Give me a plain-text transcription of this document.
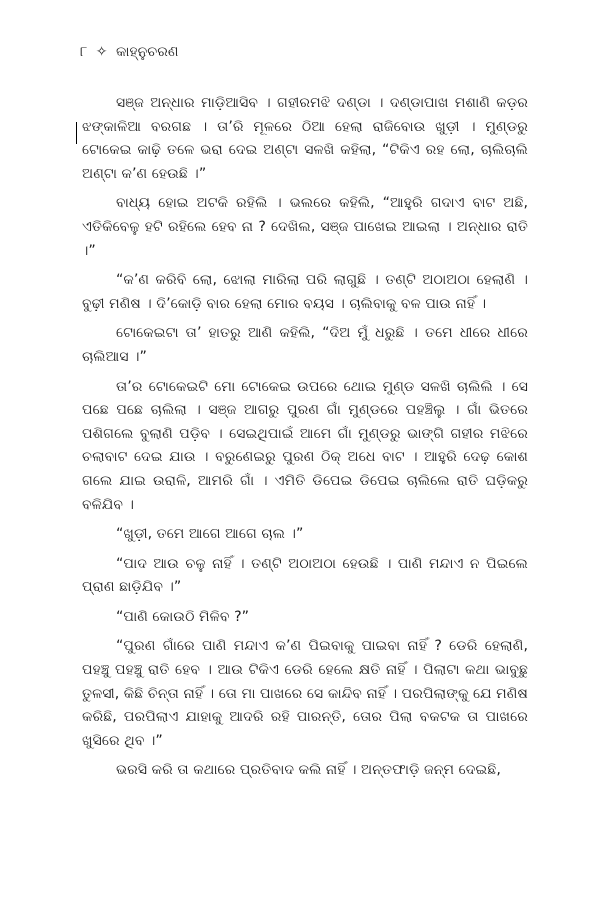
୮ ✧ କାହ୍ନୁଚରଣ

ସଞ୍ଜ ଅନ୍ଧାର ମାଡ଼ିଆସିବ । ଗହୀରମଝି ଦଣ୍ଡା । ଦଣ୍ଡାପାଖ ମଶାଣି କଡ଼ର ଝଙ୍କାଳିଆ ବରଗଛ । ତା’ରି ମୂଳରେ ଠିଆ ହେଲା ରାଜିବୋଉ ଖୁଡ଼ୀ । ମୁଣ୍ଡରୁ ଟୋକେଇ କାଢ଼ି ତଳେ ଭରା ଦେଇ ଅଣ୍ଟା ସଳଖି କହିଲା, “ଟିକିଏ ରହ ଲୋ, ଚାଲିଚାଲି ଅଣ୍ଟା କ’ଣ ହେଉଛି ।”

ବାଧ୍ୟ ହୋଇ ଅଟକି ରହିଲି । ଭଲରେ କହିଲି, “ଆହୁରି ଗଦାଏ ବାଟ ଅଛି, ଏତିକିବେଳୁ ହଟି ରହିଲେ ହେବ ନା ? ଦେଖିଲ, ସଞ୍ଜ ପାଖେଇ ଆଇଲା । ଅନ୍ଧାର ରାତି ।”

“କ’ଣ କରିବି ଲୋ, ଝୋଲା ମାରିଲା ପରି ଲାଗୁଛି । ତଣ୍ଟି ଅଠାଅଠା ହେଲାଣି । ବୁଢ଼ୀ ମଣିଷ । ଦି’କୋଡ଼ି ବାର ହେଲା ମୋର ବୟସ । ଚାଲିବାକୁ ବଳ ପାଉ ନାହିଁ ।

ଟୋକେଇଟା ତା’ ହାତରୁ ଆଣି କହିଲି, “ଦିଅ ମୁଁ ଧରୁଛି । ତମେ ଧୀରେ ଧୀରେ ଚାଲିଆସ ।”

ତା’ର ଟୋକେଇଟି ମୋ ଟୋକେଇ ଉପରେ ଥୋଇ ମୁଣ୍ଡ ସଳଖି ଚାଲିଲି । ସେ ପଛେ ପଛେ ଚାଲିଲା । ସଞ୍ଜ ଆଗରୁ ପୁରଣ ଗାଁ ମୁଣ୍ଡରେ ପହଞ୍ଚିଲୁ । ଗାଁ ଭିତରେ ପଶିଗଲେ ବୁଲାଣି ପଡ଼ିବ । ସେଇଥିପାଇଁ ଆମେ ଗାଁ ମୁଣ୍ଡରୁ ଭାଙ୍ଗି ଗହୀର ମଝିରେ ଚଲାବାଟ ଦେଇ ଯାଉ । ବରୁଣେଇରୁ ପୁରଣ ଠିକ୍ ଅଧେ ବାଟ । ଆହୁରି ଦେଢ଼ କୋଶ ଗଲେ ଯାଇ ଉରାଳି, ଆମରି ଗାଁ । ଏମିତି ଡିପେଇ ଡିପେଇ ଚାଲିଲେ ରାତି ଘଡ଼ିକରୁ ବଳିଯିବ ।

“ଖୁଡ଼ୀ, ତମେ ଆଗେ ଆଗେ ଚାଲ ।”

“ପାଦ ଆଉ ଚଳୁ ନାହିଁ । ତଣ୍ଟି ଅଠାଅଠା ହେଉଛି । ପାଣି ମନ୍ଦାଏ ନ ପିଇଲେ ପ୍ରାଣ ଛାଡ଼ିଯିବ ।”

“ପାଣି କୋଉଠି ମିଳିବ ?”

“ପୁରଣ ଗାଁରେ ପାଣି ମନ୍ଦାଏ କ’ଣ ପିଇବାକୁ ପାଇବା ନାହିଁ ? ଡେରି ହେଲାଣି, ପହଞ୍ଚୁ ପହଞ୍ଚୁ ରାତି ହେବ । ଆଉ ଟିକିଏ ଡେରି ହେଲେ କ୍ଷତି ନାହିଁ । ପିଲାଟା କଥା ଭାବୁଛୁ ତୁଳସୀ, କିଛି ଚିନ୍ତା ନାହିଁ । ତୋ ମା ପାଖରେ ସେ କାନ୍ଦିବ ନାହିଁ । ପରପିଲାଙ୍କୁ ଯେ ମଣିଷ କରିଛି, ପରପିଲାଏ ଯାହାକୁ ଆଦରି ରହି ପାରନ୍ତି, ତୋର ପିଲା ବକଟକ ତା ପାଖରେ ଖୁସିରେ ଥିବ ।”

ଭରସି କରି ତା କଥାରେ ପ୍ରତିବାଦ କଲି ନାହିଁ । ଅନ୍ତଫାଡ଼ି ଜନ୍ମ ଦେଇଛି,
